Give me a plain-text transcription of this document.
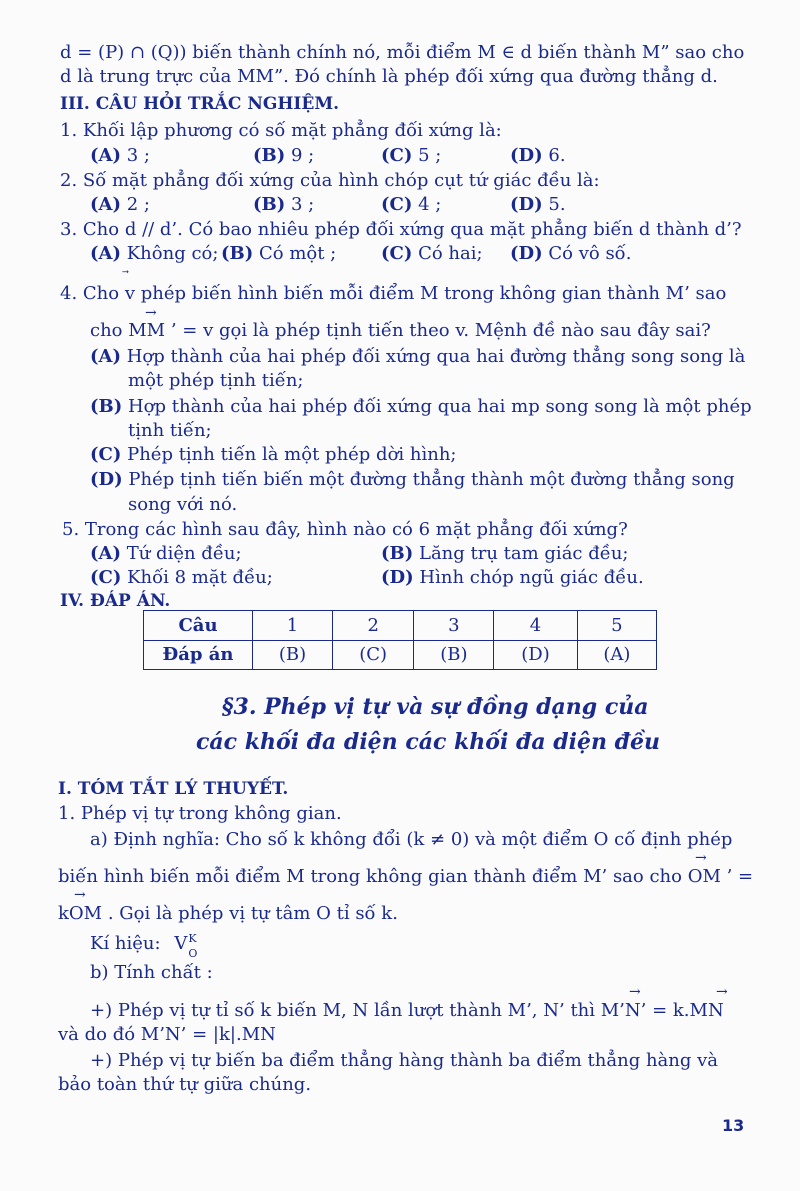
d = (P) ∩ (Q)) biến thành chính nó, mỗi điểm M ∈ d biến thành M” sao cho
d là trung trực của MM”. Đó chính là phép đối xứng qua đường thẳng d.
III. CÂU HỎI TRẮC NGHIỆM.
1. Khối lập phương có số mặt phẳng đối xứng là:
(A) 3 ;	(B) 9 ;	(C) 5 ;	(D) 6.
2. Số mặt phẳng đối xứng của hình chóp cụt tứ giác đều là:
(A) 2 ;	(B) 3 ;	(C) 4 ;	(D) 5.
3. Cho d // d’. Có bao nhiêu phép đối xứng qua mặt phẳng biến d thành d’?
(A) Không có; (B) Có một ; (C) Có hai; (D) Có vô số.
4. Cho v phép biến hình biến mỗi điểm M trong không gian thành M’ sao
→
cho MM ’ = v gọi là phép tịnh tiến theo v. Mệnh đề nào sau đây sai?
(A) Hợp thành của hai phép đối xứng qua hai đường thẳng song song là
một phép tịnh tiến;
(B) Hợp thành của hai phép đối xứng qua hai mp song song là một phép
tịnh tiến;
(C) Phép tịnh tiến là một phép dời hình;
(D) Phép tịnh tiến biến một đường thẳng thành một đường thẳng song
song với nó.
5. Trong các hình sau đây, hình nào có 6 mặt phẳng đối xứng?
(A) Tứ diện đều;	(B) Lăng trụ tam giác đều;
(C) Khối 8 mặt đều;	(D) Hình chóp ngũ giác đều.
IV. ĐÁP ÁN.
Câu	1	2	3	4	5
Đáp án	(B)	(C)	(B)	(D)	(A)
§3. Phép vị tự và sự đồng dạng của
các khối đa diện các khối đa diện đều
I. TÓM TẮT LÝ THUYẾT.
1. Phép vị tự trong không gian.
a) Định nghĩa: Cho số k không đổi (k ≠ 0) và một điểm O cố định phép
→
biến hình biến mỗi điểm M trong không gian thành điểm M’ sao cho OM ’ =
→
kOM . Gọi là phép vị tự tâm O tỉ số k.
Kí hiệu: V K
O
b) Tính chất :
→	→
+) Phép vị tự tỉ số k biến M, N lần lượt thành M’, N’ thì M’N’ = k.MN
và do đó M’N’ = |k|.MN
+) Phép vị tự biến ba điểm thẳng hàng thành ba điểm thẳng hàng và
bảo toàn thứ tự giữa chúng.
13
